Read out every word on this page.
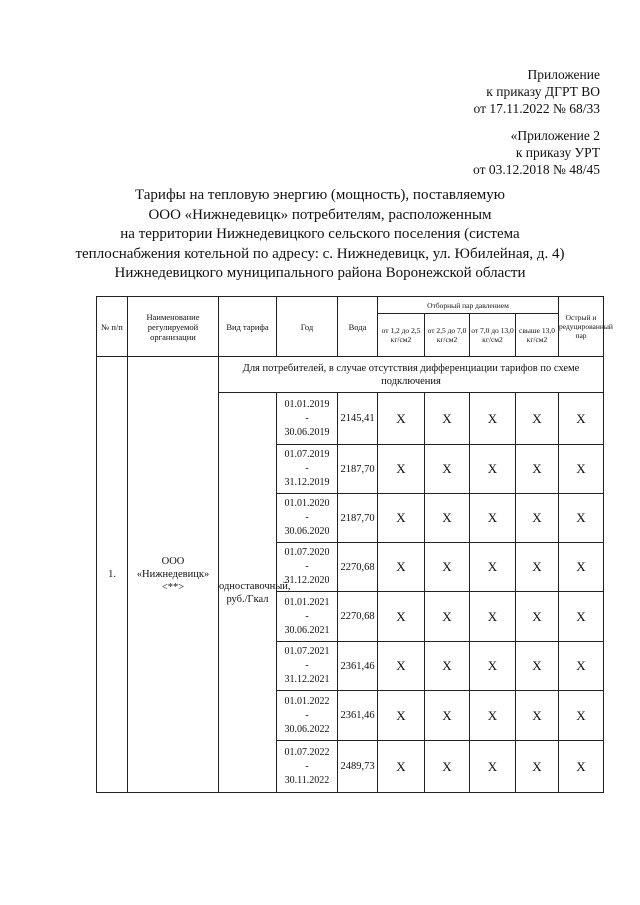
Приложение
к приказу ДГРТ ВО
от 17.11.2022 № 68/33
«Приложение 2
к приказу УРТ
от 03.12.2018 № 48/45
Тарифы на тепловую энергию (мощность), поставляемую
ООО «Нижнедевицк» потребителям, расположенным
на территории Нижнедевицкого сельского поселения (система
теплоснабжения котельной по адресу: с. Нижнедевицк, ул. Юбилейная, д. 4)
Нижнедевицкого муниципального района Воронежской области
№ п/п	Наименование регулируемой организации	Вид тарифа	Год	Вода	Отборный пар давлением				Острый и редуцированный пар
					от 1,2 до 2,5 кг/см2	от 2,5 до 7,0 кг/см2	от 7,0 до 13,0 кг/см2	свыше 13,0 кг/см2	
1.	ООО «Нижнедевицк» <**>	Для потребителей, в случае отсутствия дифференциации тарифов по схеме подключения							
		одноставочный, руб./Гкал	01.01.2019
-
30.06.2019	2145,41	X	X	X	X	X

			01.07.2019
-
31.12.2019	2187,70	X	X	X	X	X

			01.01.2020
-
30.06.2020	2187,70	X	X	X	X	X

			01.07.2020
-
31.12.2020	2270,68	X	X	X	X	X

			01.01.2021
-
30.06.2021	2270,68	X	X	X	X	X

			01.07.2021
-
31.12.2021	2361,46	X	X	X	X	X

			01.01.2022
-
30.06.2022	2361,46	X	X	X	X	X

			01.07.2022
-
30.11.2022	2489,73	X	X	X	X	X
